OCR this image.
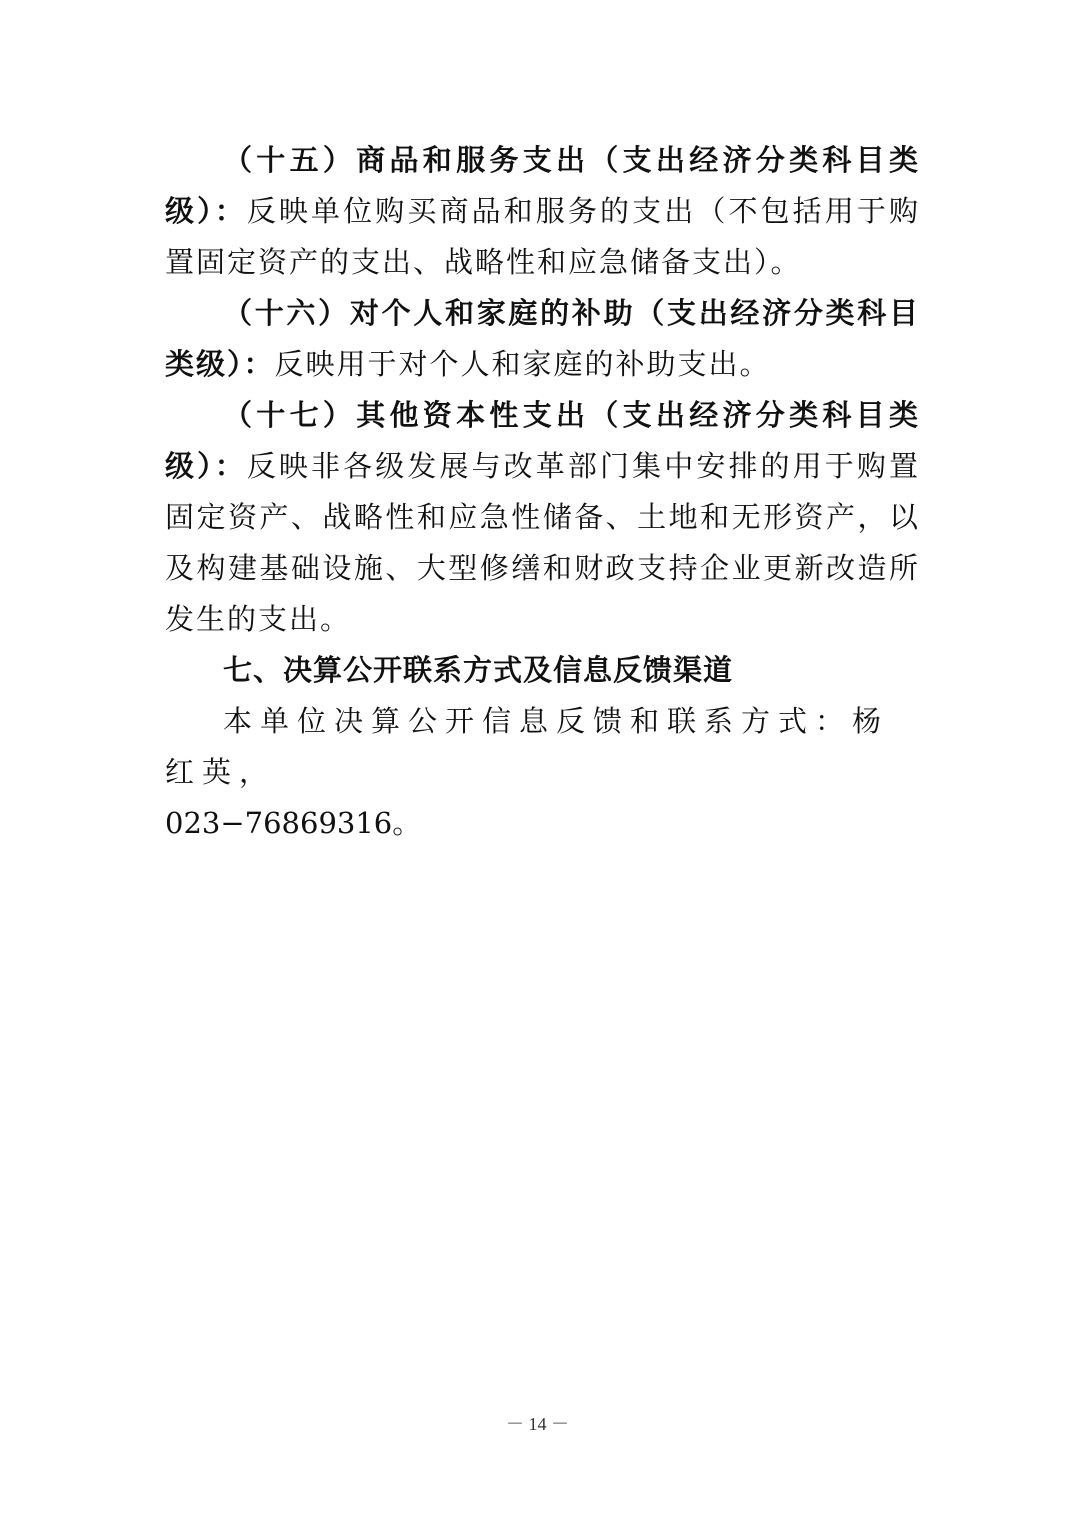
（十五）商品和服务支出（支出经济分类科目类级）：反映单位购买商品和服务的支出（不包括用于购置固定资产的支出、战略性和应急储备支出）。

（十六）对个人和家庭的补助（支出经济分类科目类级）：反映用于对个人和家庭的补助支出。

（十七）其他资本性支出（支出经济分类科目类级）：反映非各级发展与改革部门集中安排的用于购置固定资产、战略性和应急性储备、土地和无形资产，以及构建基础设施、大型修缮和财政支持企业更新改造所发生的支出。

七、决算公开联系方式及信息反馈渠道

本单位决算公开信息反馈和联系方式：杨红英，

023−76869316。

－ 14 －
